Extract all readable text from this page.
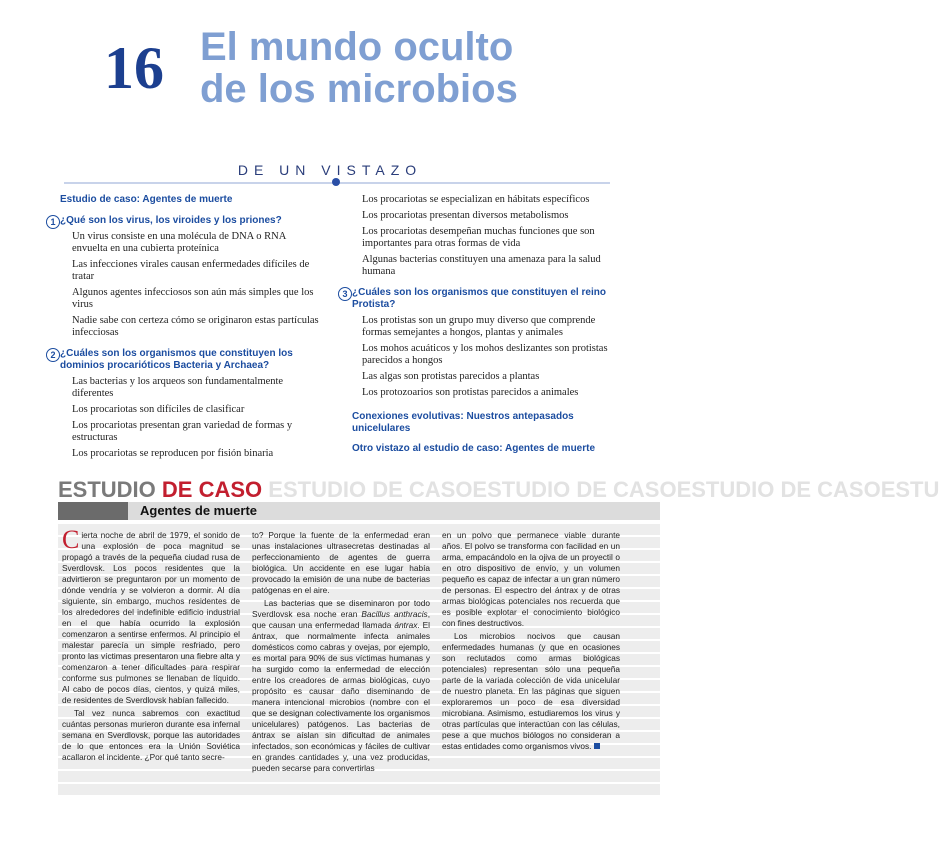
16 El mundo oculto
de los microbios
DE UN VISTAZO
Estudio de caso: Agentes de muerte
1 ¿Qué son los virus, los viroides y los priones?
Un virus consiste en una molécula de DNA o RNA envuelta en una cubierta proteínica
Las infecciones virales causan enfermedades difíciles de tratar
Algunos agentes infecciosos son aún más simples que los virus
Nadie sabe con certeza cómo se originaron estas partículas infecciosas
2 ¿Cuáles son los organismos que constituyen los dominios procarióticos Bacteria y Archaea?
Las bacterias y los arqueos son fundamentalmente diferentes
Los procariotas son difíciles de clasificar
Los procariotas presentan gran variedad de formas y estructuras
Los procariotas se reproducen por fisión binaria
Los procariotas se especializan en hábitats específicos
Los procariotas presentan diversos metabolismos
Los procariotas desempeñan muchas funciones que son importantes para otras formas de vida
Algunas bacterias constituyen una amenaza para la salud humana
3 ¿Cuáles son los organismos que constituyen el reino Protista?
Los protistas son un grupo muy diverso que comprende formas semejantes a hongos, plantas y animales
Los mohos acuáticos y los mohos deslizantes son protistas parecidos a hongos
Las algas son protistas parecidos a plantas
Los protozoarios son protistas parecidos a animales
Conexiones evolutivas: Nuestros antepasados unicelulares
Otro vistazo al estudio de caso: Agentes de muerte
ESTUDIO DE CASO ESTUDIO DE CASOESTUDIO DE CASOESTUDIO DE CASOESTU
Agentes de muerte

Cierta noche de abril de 1979, el sonido de una explosión de poca magnitud se propagó a través de la pequeña ciudad rusa de Sverdlovsk. Los pocos residentes que la advirtieron se preguntaron por un momento de dónde vendría y se volvieron a dormir. Al día siguiente, sin embargo, muchos residentes de los alrededores del indefinible edificio industrial en el que había ocurrido la explosión comenzaron a sentirse enfermos. Al principio el malestar parecía un simple resfriado, pero pronto las víctimas presentaron una fiebre alta y comenzaron a tener dificultades para respirar conforme sus pulmones se llenaban de líquido. Al cabo de pocos días, cientos, y quizá miles, de residentes de Sverdlovsk habían fallecido.

Tal vez nunca sabremos con exactitud cuántas personas murieron durante esa infernal semana en Sverdlovsk, porque las autoridades de lo que entonces era la Unión Soviética acallaron el incidente. ¿Por qué tanto secre-

to? Porque la fuente de la enfermedad eran unas instalaciones ultrasecretas destinadas al perfeccionamiento de agentes de guerra biológica. Un accidente en ese lugar había provocado la emisión de una nube de bacterias patógenas en el aire.

Las bacterias que se diseminaron por todo Sverdlovsk esa noche eran Bacillus anthracis, que causan una enfermedad llamada ántrax. El ántrax, que normalmente infecta animales domésticos como cabras y ovejas, por ejemplo, es mortal para 90% de sus víctimas humanas y ha surgido como la enfermedad de elección entre los creadores de armas biológicas, cuyo propósito es causar daño diseminando de manera intencional microbios (nombre con el que se designan colectivamente los organismos unicelulares) patógenos. Las bacterias de ántrax se aíslan sin dificultad de animales infectados, son económicas y fáciles de cultivar en grandes cantidades y, una vez producidas, pueden secarse para convertirlas

en un polvo que permanece viable durante años. El polvo se transforma con facilidad en un arma, empacándolo en la ojiva de un proyectil o en otro dispositivo de envío, y un volumen pequeño es capaz de infectar a un gran número de personas. El espectro del ántrax y de otras armas biológicas potenciales nos recuerda que es posible explotar el conocimiento biológico con fines destructivos.

Los microbios nocivos que causan enfermedades humanas (y que en ocasiones son reclutados como armas biológicas potenciales) representan sólo una pequeña parte de la variada colección de vida unicelular de nuestro planeta. En las páginas que siguen exploraremos un poco de esa diversidad microbiana. Asimismo, estudiaremos los virus y otras partículas que interactúan con las células, pese a que muchos biólogos no consideran a estas entidades como organismos vivos.
